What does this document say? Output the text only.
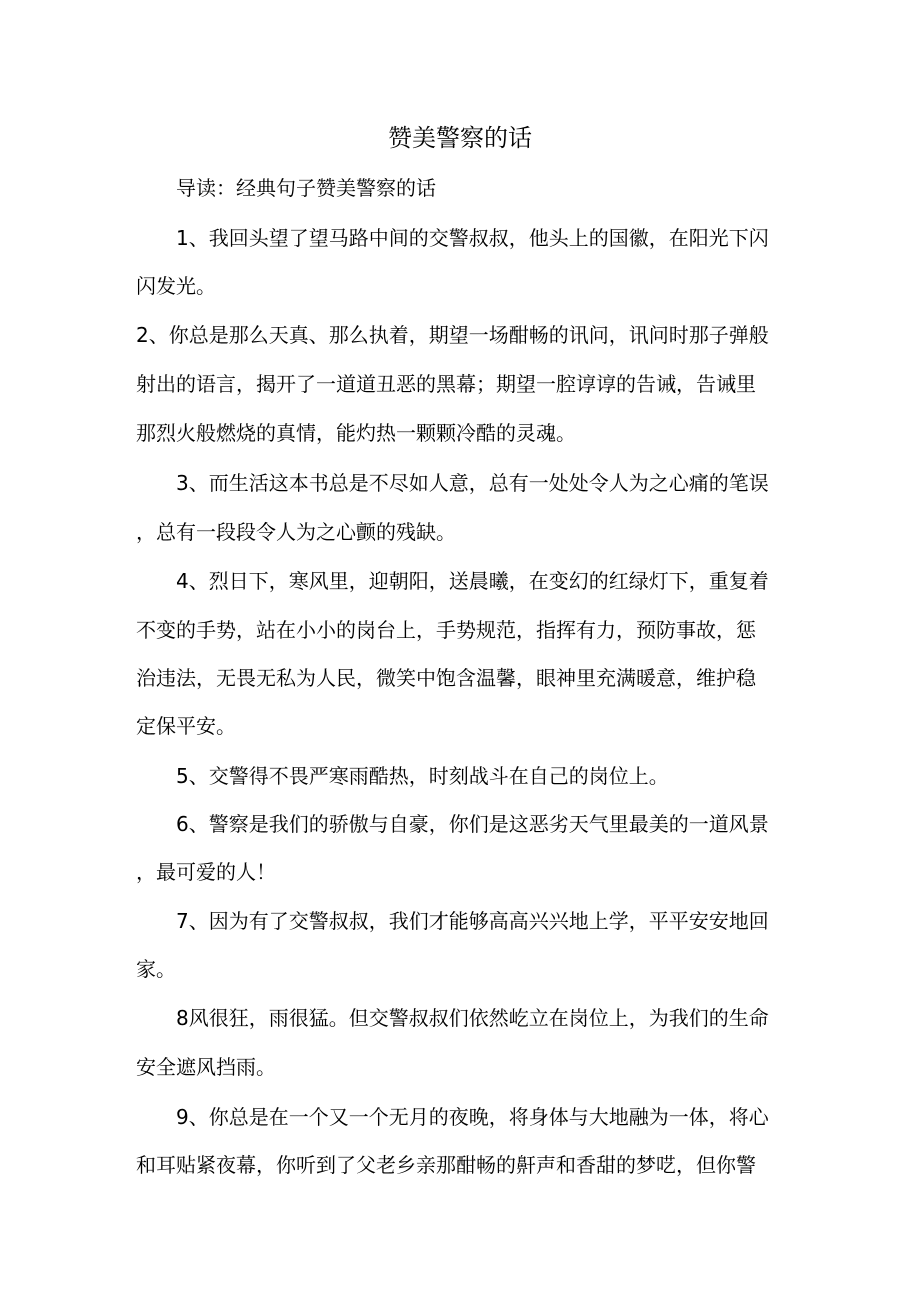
赞美警察的话
导读：经典句子赞美警察的话
1、我回头望了望马路中间的交警叔叔，他头上的国徽，在阳光下闪
闪发光。
2、你总是那么天真、那么执着，期望一场酣畅的讯问，讯问时那子弹般
射出的语言，揭开了一道道丑恶的黑幕；期望一腔谆谆的告诫，告诫里
那烈火般燃烧的真情，能灼热一颗颗冷酷的灵魂。
3、而生活这本书总是不尽如人意，总有一处处令人为之心痛的笔误
，总有一段段令人为之心颤的残缺。
4、烈日下，寒风里，迎朝阳，送晨曦，在变幻的红绿灯下，重复着
不变的手势，站在小小的岗台上，手势规范，指挥有力，预防事故，惩
治违法，无畏无私为人民，微笑中饱含温馨，眼神里充满暖意，维护稳
定保平安。
5、交警得不畏严寒雨酷热，时刻战斗在自己的岗位上。
6、警察是我们的骄傲与自豪，你们是这恶劣天气里最美的一道风景
，最可爱的人！
7、因为有了交警叔叔，我们才能够高高兴兴地上学，平平安安地回
家。
8风很狂，雨很猛。但交警叔叔们依然屹立在岗位上，为我们的生命
安全遮风挡雨。
9、你总是在一个又一个无月的夜晚，将身体与大地融为一体，将心
和耳贴紧夜幕，你听到了父老乡亲那酣畅的鼾声和香甜的梦呓，但你警
